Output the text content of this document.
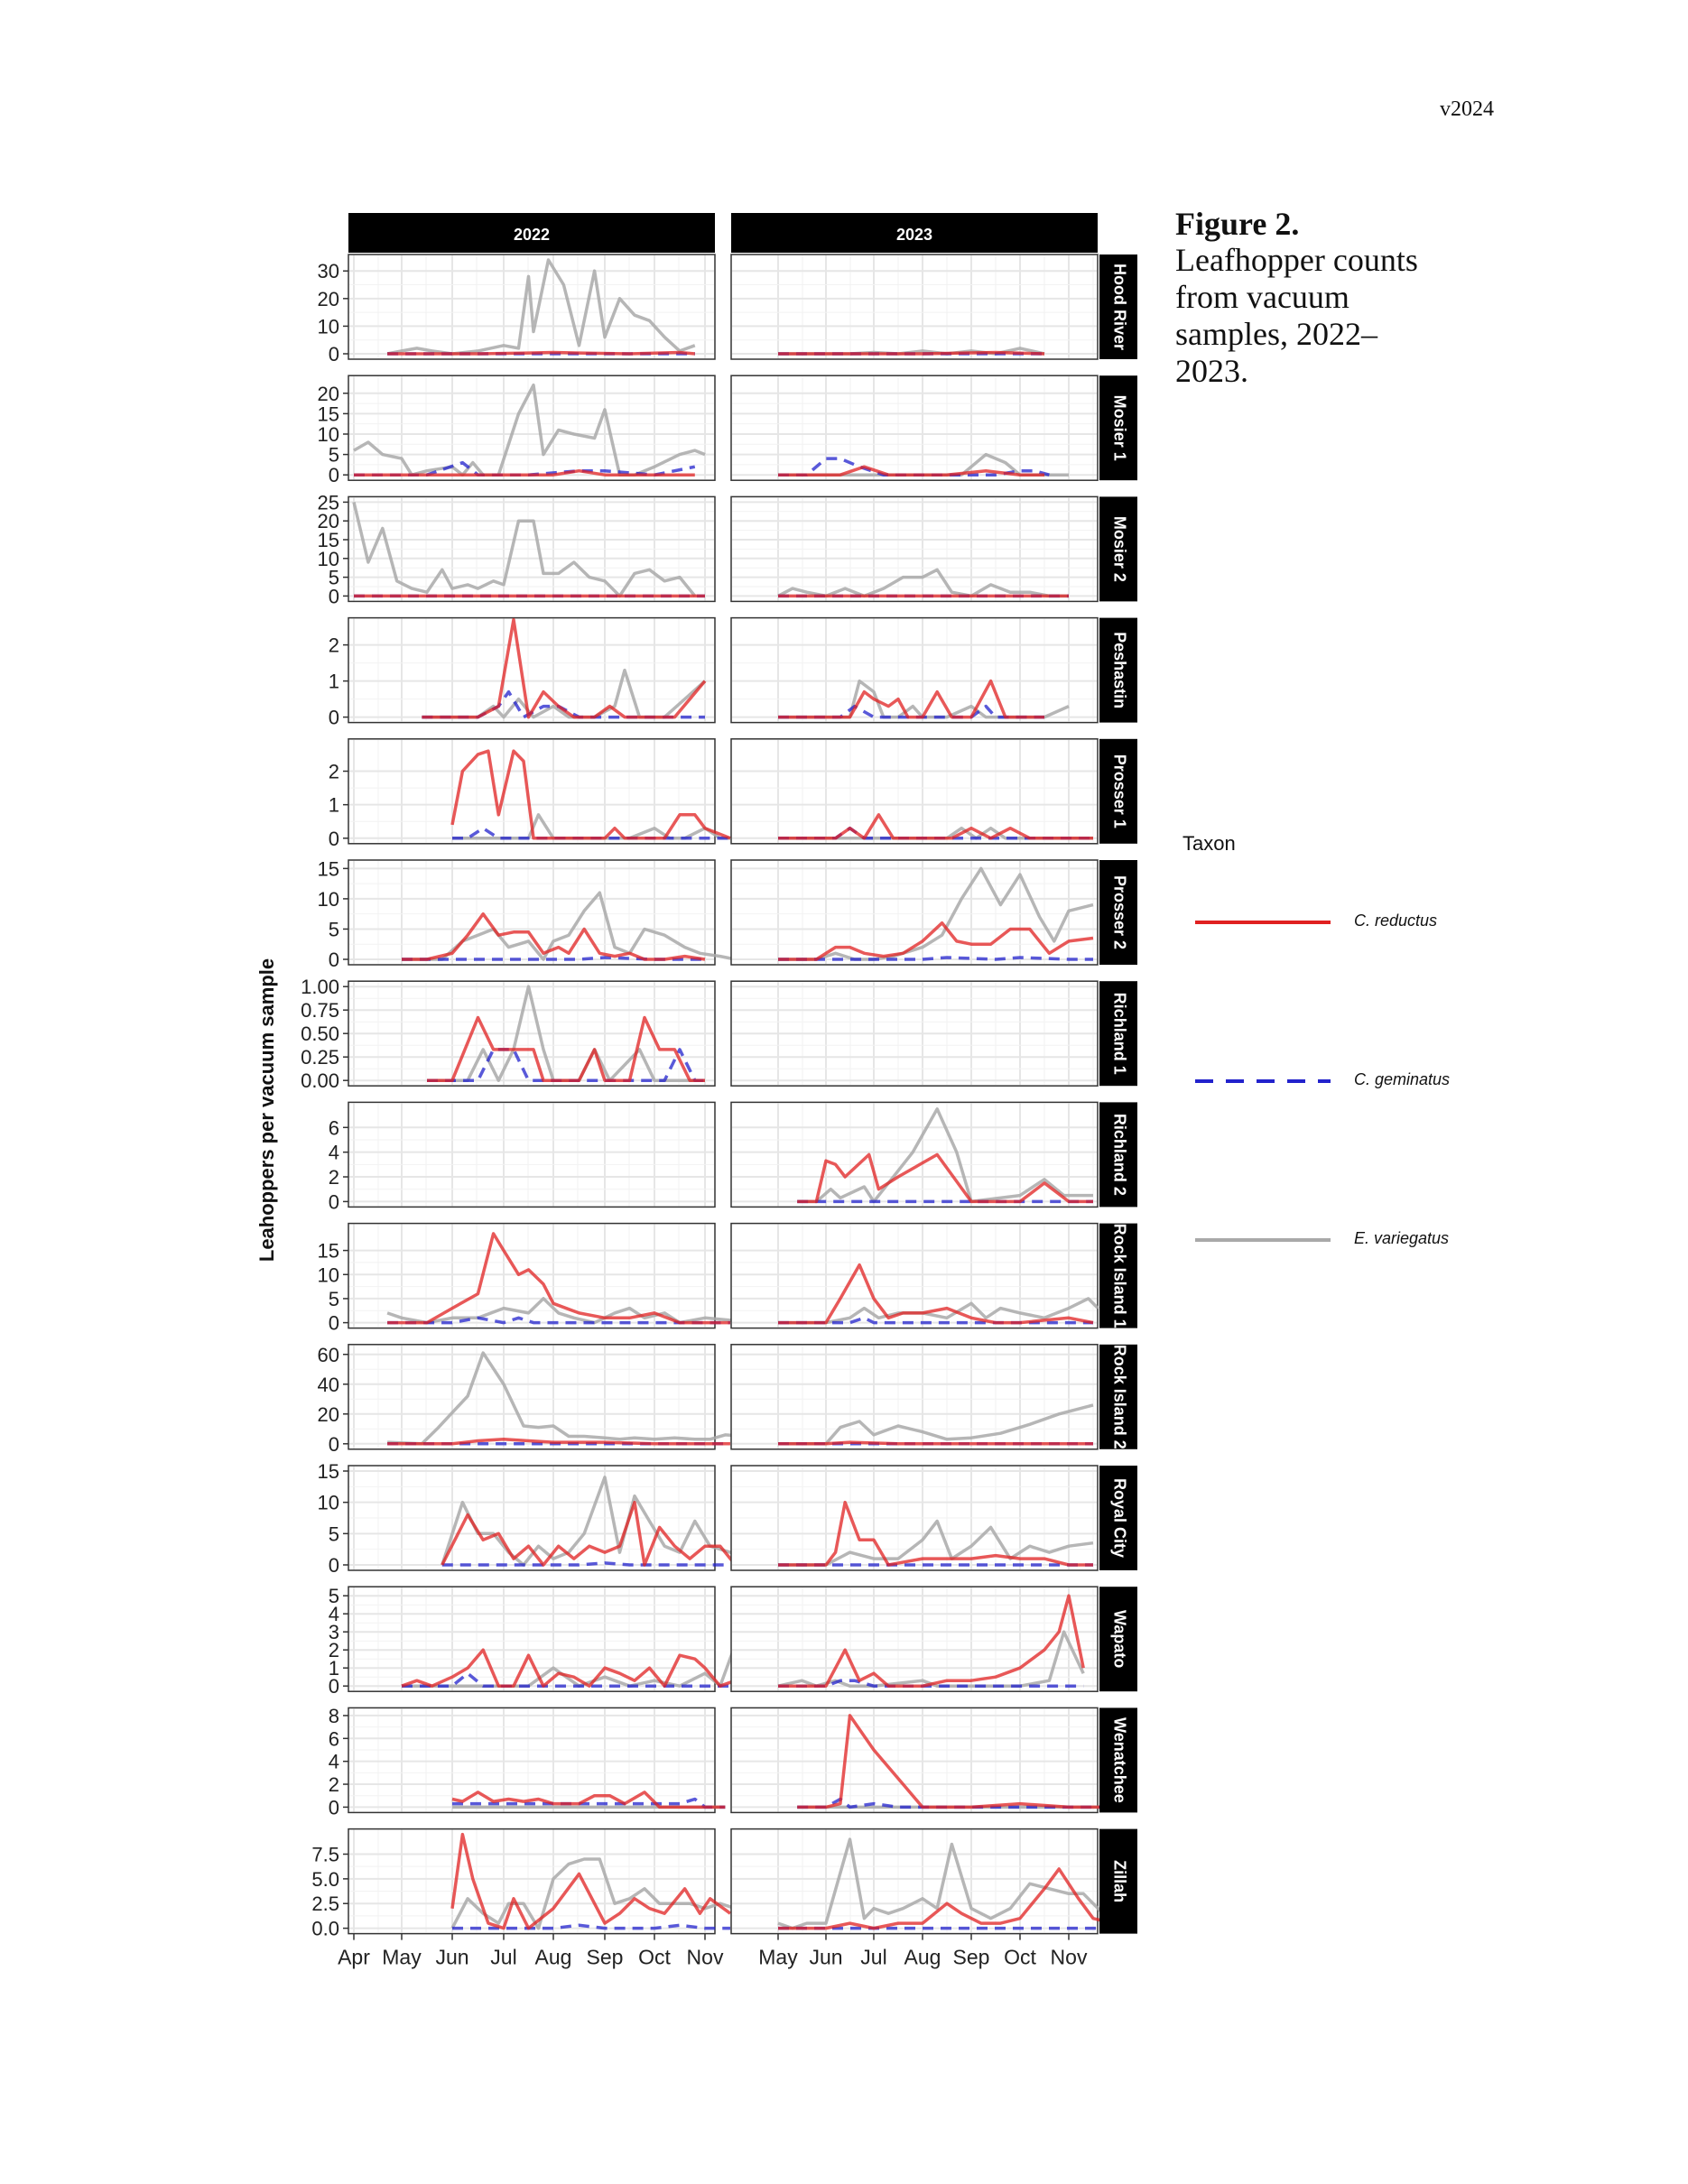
v2024
Figure 2.
Leafhopper counts from vacuum samples, 2022–2023.
Taxon
C. reductus
C. geminatus
E. variegatus
2022	2023
0
10
20
30	Hood River
0
5
10
15
20
Mosier 1
0
5
10
15
20
25
Mosier 2
0
1
2	Peshastin
0
1
2	Prosser 1
0
5
10
15
Prosser 2
0.00
0.25
0.50
0.75
1.00
Richland 1
0
2
4
6	Richland 2
0
5
10
15	Rock Island 1
0
20
40
60	Rock Island 2
0
5
10
15
Royal City
0
1
2
3
4
5
Wapato
0
2
4
6
8
Wenatchee
0.0
2.5
5.0
7.5
Zillah
Apr May Jun Jul Aug Sep Oct Nov May Jun Jul Aug Sep Oct Nov
Leahoppers per vacuum sample
